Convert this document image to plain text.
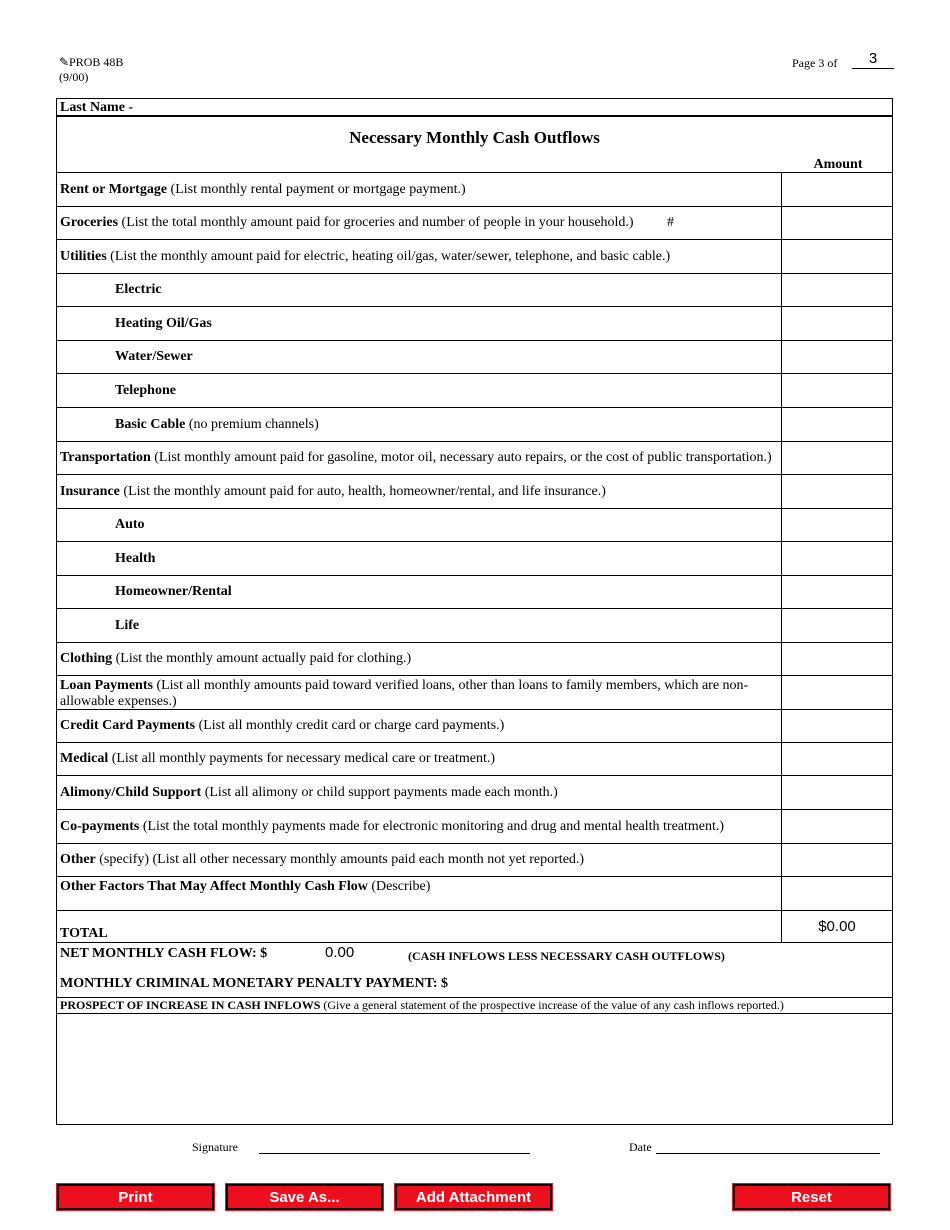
✎PROB 48B
(9/00)
Page 3 of	3
Last Name -
Necessary Monthly Cash Outflows
Amount
Rent or Mortgage (List monthly rental payment or mortgage payment.)
Groceries (List the total monthly amount paid for groceries and number of people in your household.) #
Utilities (List the monthly amount paid for electric, heating oil/gas, water/sewer, telephone, and basic cable.)
Electric
Heating Oil/Gas
Water/Sewer
Telephone
Basic Cable (no premium channels)
Transportation (List monthly amount paid for gasoline, motor oil, necessary auto repairs, or the cost of public transportation.)
Insurance (List the monthly amount paid for auto, health, homeowner/rental, and life insurance.)
Auto
Health
Homeowner/Rental
Life
Clothing (List the monthly amount actually paid for clothing.)
Loan Payments (List all monthly amounts paid toward verified loans, other than loans to family members, which are non-allowable expenses.)
Credit Card Payments (List all monthly credit card or charge card payments.)
Medical (List all monthly payments for necessary medical care or treatment.)
Alimony/Child Support (List all alimony or child support payments made each month.)
Co-payments (List the total monthly payments made for electronic monitoring and drug and mental health treatment.)
Other (specify) (List all other necessary monthly amounts paid each month not yet reported.)
Other Factors That May Affect Monthly Cash Flow (Describe)
TOTAL	$0.00
NET MONTHLY CASH FLOW: $	0.00	(CASH INFLOWS LESS NECESSARY CASH OUTFLOWS)
MONTHLY CRIMINAL MONETARY PENALTY PAYMENT: $
PROSPECT OF INCREASE IN CASH INFLOWS (Give a general statement of the prospective increase of the value of any cash inflows reported.)
Signature	Date
Print	Save As...	Add Attachment	Reset
